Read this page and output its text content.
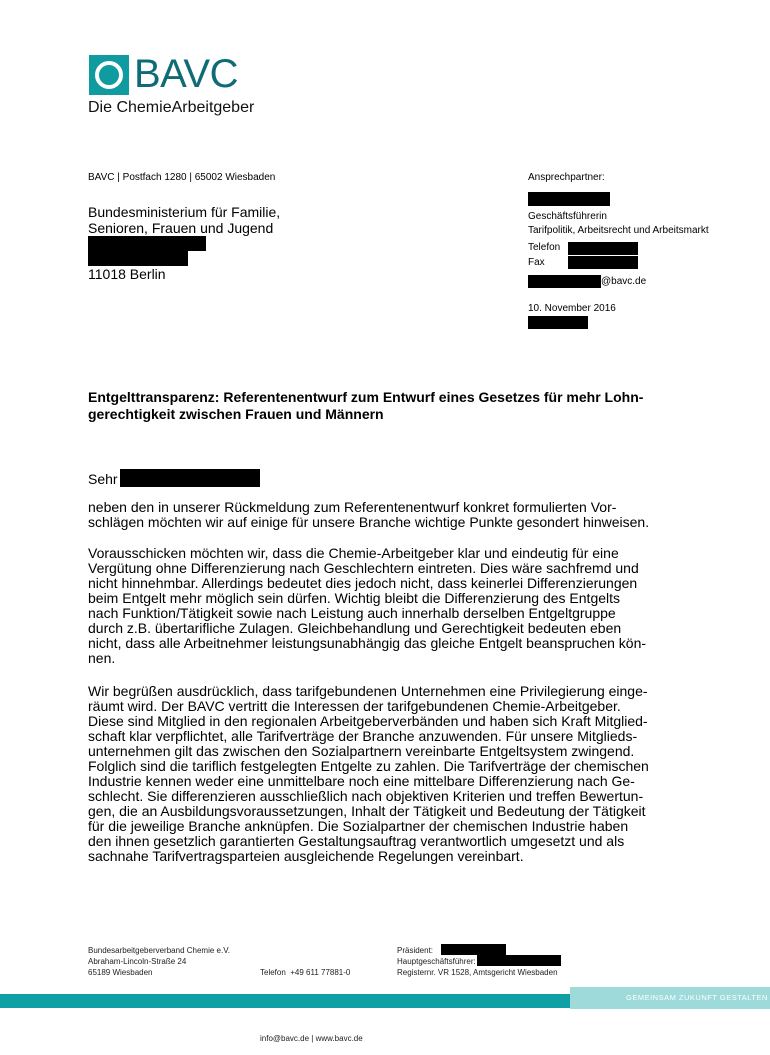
BAVC
Die ChemieArbeitgeber
BAVC | Postfach 1280 | 65002 Wiesbaden
Bundesministerium für Familie,
Senioren, Frauen und Jugend
11018 Berlin
Ansprechpartner:
Geschäftsführerin
Tarifpolitik, Arbeitsrecht und Arbeitsmarkt
Telefon
Fax
@bavc.de
10. November 2016
Entgelttransparenz: Referentenentwurf zum Entwurf eines Gesetzes für mehr Lohn-
gerechtigkeit zwischen Frauen und Männern
Sehr
neben den in unserer Rückmeldung zum Referentenentwurf konkret formulierten Vor-
schlägen möchten wir auf einige für unsere Branche wichtige Punkte gesondert hinweisen.
Vorausschicken möchten wir, dass die Chemie-Arbeitgeber klar und eindeutig für eine
Vergütung ohne Differenzierung nach Geschlechtern eintreten. Dies wäre sachfremd und
nicht hinnehmbar. Allerdings bedeutet dies jedoch nicht, dass keinerlei Differenzierungen
beim Entgelt mehr möglich sein dürfen. Wichtig bleibt die Differenzierung des Entgelts
nach Funktion/Tätigkeit sowie nach Leistung auch innerhalb derselben Entgeltgruppe
durch z.B. übertarifliche Zulagen. Gleichbehandlung und Gerechtigkeit bedeuten eben
nicht, dass alle Arbeitnehmer leistungsunabhängig das gleiche Entgelt beanspruchen kön-
nen.
Wir begrüßen ausdrücklich, dass tarifgebundenen Unternehmen eine Privilegierung einge-
räumt wird. Der BAVC vertritt die Interessen der tarifgebundenen Chemie-Arbeitgeber.
Diese sind Mitglied in den regionalen Arbeitgeberverbänden und haben sich Kraft Mitglied-
schaft klar verpflichtet, alle Tarifverträge der Branche anzuwenden. Für unsere Mitglieds-
unternehmen gilt das zwischen den Sozialpartnern vereinbarte Entgeltsystem zwingend.
Folglich sind die tariflich festgelegten Entgelte zu zahlen. Die Tarifverträge der chemischen
Industrie kennen weder eine unmittelbare noch eine mittelbare Differenzierung nach Ge-
schlecht. Sie differenzieren ausschließlich nach objektiven Kriterien und treffen Bewertun-
gen, die an Ausbildungsvoraussetzungen, Inhalt der Tätigkeit und Bedeutung der Tätigkeit
für die jeweilige Branche anknüpfen. Die Sozialpartner der chemischen Industrie haben
den ihnen gesetzlich garantierten Gestaltungsauftrag verantwortlich umgesetzt und als
sachnahe Tarifvertragsparteien ausgleichende Regelungen vereinbart.
Bundesarbeitgeberverband Chemie e.V.
Abraham-Lincoln-Straße 24
65189 Wiesbaden

	Telefon  +49 611 77881-0

info@bavc.de | www.bavc.de

Präsident:
Hauptgeschäftsführer:
Registernr. VR 1528, Amtsgericht Wiesbaden
GEMEINSAM ZUKUNFT GESTALTEN
